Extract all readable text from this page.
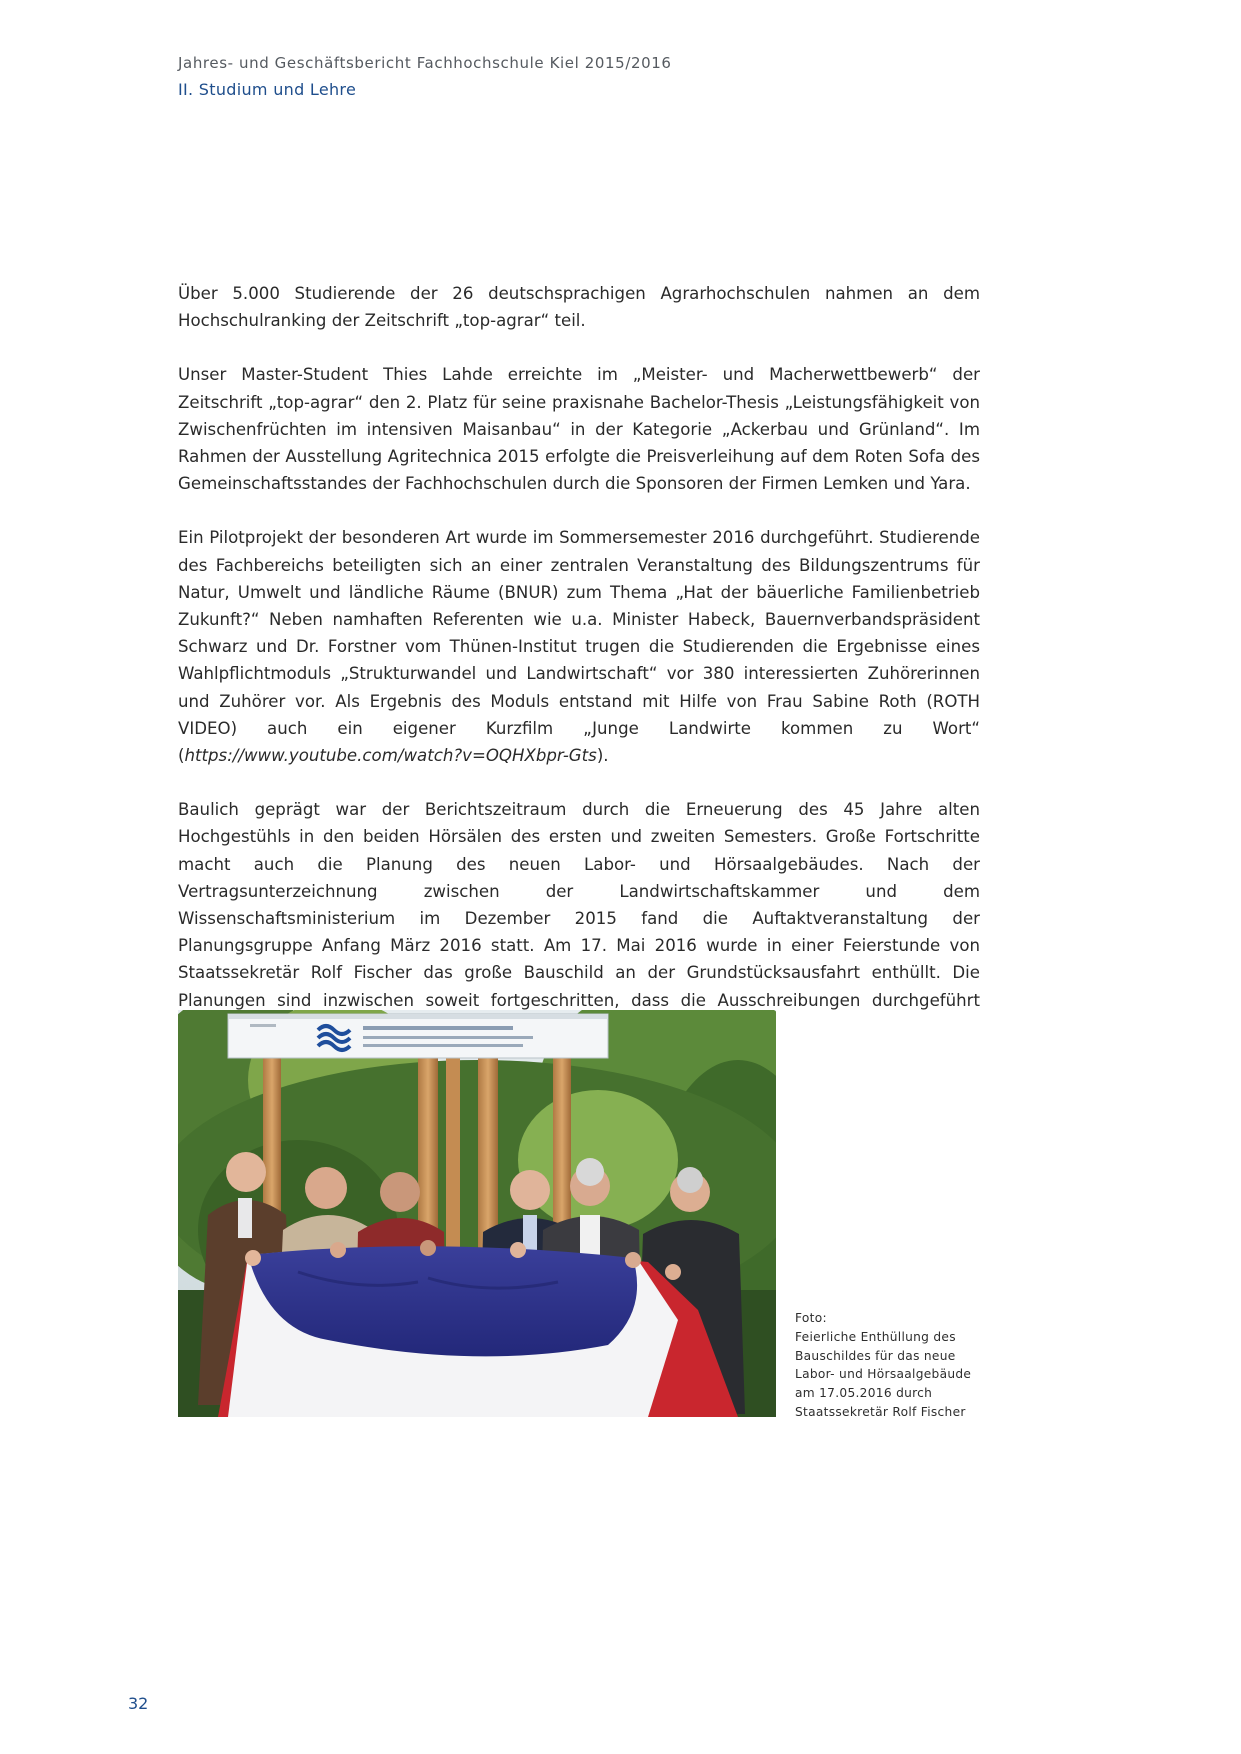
Jahres- und Geschäftsbericht Fachhochschule Kiel 2015/2016
II. Studium und Lehre

Über 5.000 Studierende der 26 deutschsprachigen Agrarhochschulen nahmen an dem Hochschulranking der Zeitschrift „top-agrar“ teil.

Unser Master-Student Thies Lahde erreichte im „Meister- und Macherwettbewerb“ der Zeitschrift „top-agrar“ den 2. Platz für seine praxisnahe Bachelor-Thesis „Leistungsfähigkeit von Zwischenfrüchten im intensiven Maisanbau“ in der Kategorie „Ackerbau und Grünland“. Im Rahmen der Ausstellung Agritechnica 2015 erfolgte die Preisverleihung auf dem Roten Sofa des Gemeinschaftsstandes der Fachhochschulen durch die Sponsoren der Firmen Lemken und Yara.

Ein Pilotprojekt der besonderen Art wurde im Sommersemester 2016 durchgeführt. Studierende des Fachbereichs beteiligten sich an einer zentralen Veranstaltung des Bildungszentrums für Natur, Umwelt und ländliche Räume (BNUR) zum Thema „Hat der bäuerliche Familienbetrieb Zukunft?“ Neben namhaften Referenten wie u.a. Minister Habeck, Bauernverbandspräsident Schwarz und Dr. Forstner vom Thünen-Institut trugen die Studierenden die Ergebnisse eines Wahlpflichtmoduls „Strukturwandel und Landwirtschaft“ vor 380 interessierten Zuhörerinnen und Zuhörer vor. Als Ergebnis des Moduls entstand mit Hilfe von Frau Sabine Roth (ROTH VIDEO) auch ein eigener Kurzfilm „Junge Landwirte kommen zu Wort“ (https://www.youtube.com/watch?v=OQHXbpr-Gts).

Baulich geprägt war der Berichtszeitraum durch die Erneuerung des 45 Jahre alten Hochgestühls in den beiden Hörsälen des ersten und zweiten Semesters. Große Fortschritte macht auch die Planung des neuen Labor- und Hörsaalgebäudes. Nach der Vertragsunterzeichnung zwischen der Landwirtschaftskammer und dem Wissenschaftsministerium im Dezember 2015 fand die Auftaktveranstaltung der Planungsgruppe Anfang März 2016 statt. Am 17. Mai 2016 wurde in einer Feierstunde von Staatssekretär Rolf Fischer das große Bauschild an der Grundstücksausfahrt enthüllt. Die Planungen sind inzwischen soweit fortgeschritten, dass die Ausschreibungen durchgeführt

Foto:
Feierliche Enthüllung des
Bauschildes für das neue
Labor- und Hörsaalgebäude
am 17.05.2016 durch
Staatssekretär Rolf Fischer
32
